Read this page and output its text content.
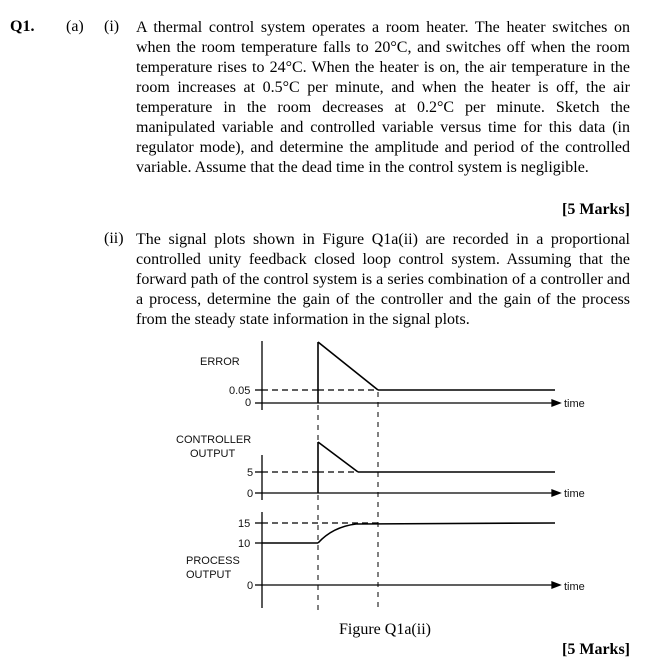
Q1. (a) (i) A thermal control system operates a room heater. The heater switches on when the room temperature falls to 20°C, and switches off when the room temperature rises to 24°C. When the heater is on, the air temperature in the room increases at 0.5°C per minute, and when the heater is off, the air temperature in the room decreases at 0.2°C per minute. Sketch the manipulated variable and controlled variable versus time for this data (in regulator mode), and determine the amplitude and period of the controlled variable. Assume that the dead time in the control system is negligible.
[5 Marks]
(ii) The signal plots shown in Figure Q1a(ii) are recorded in a proportional controlled unity feedback closed loop control system. Assuming that the forward path of the control system is a series combination of a controller and a process, determine the gain of the controller and the gain of the process from the steady state information in the signal plots.
ERROR
0.05
0
CONTROLLER
OUTPUT
5
0
15
10
PROCESS
OUTPUT
0
time
time
time
Figure Q1a(ii)
[5 Marks]
